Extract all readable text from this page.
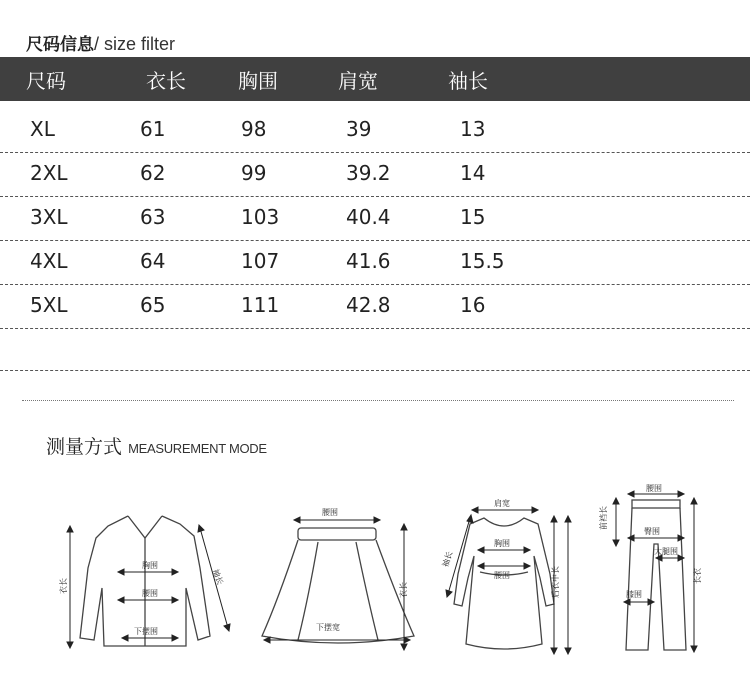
尺码信息/ size filter
尺码	衣长	胸围	肩宽	袖长
XL	61	98	39	13
2XL	62	99	39.2	14
3XL	63	103	40.4	15
4XL	64	107	41.6	15.5
5XL	65	111	42.8	16
测量方式 MEASUREMENT MODE
胸围
腰围
下摆围
衣长
袖长
腰围
下摆宽
衣长
肩宽
胸围
腰围
袖长
后衣中长
腰围
臀围
大腿围
膝围
前裆长
长衣
